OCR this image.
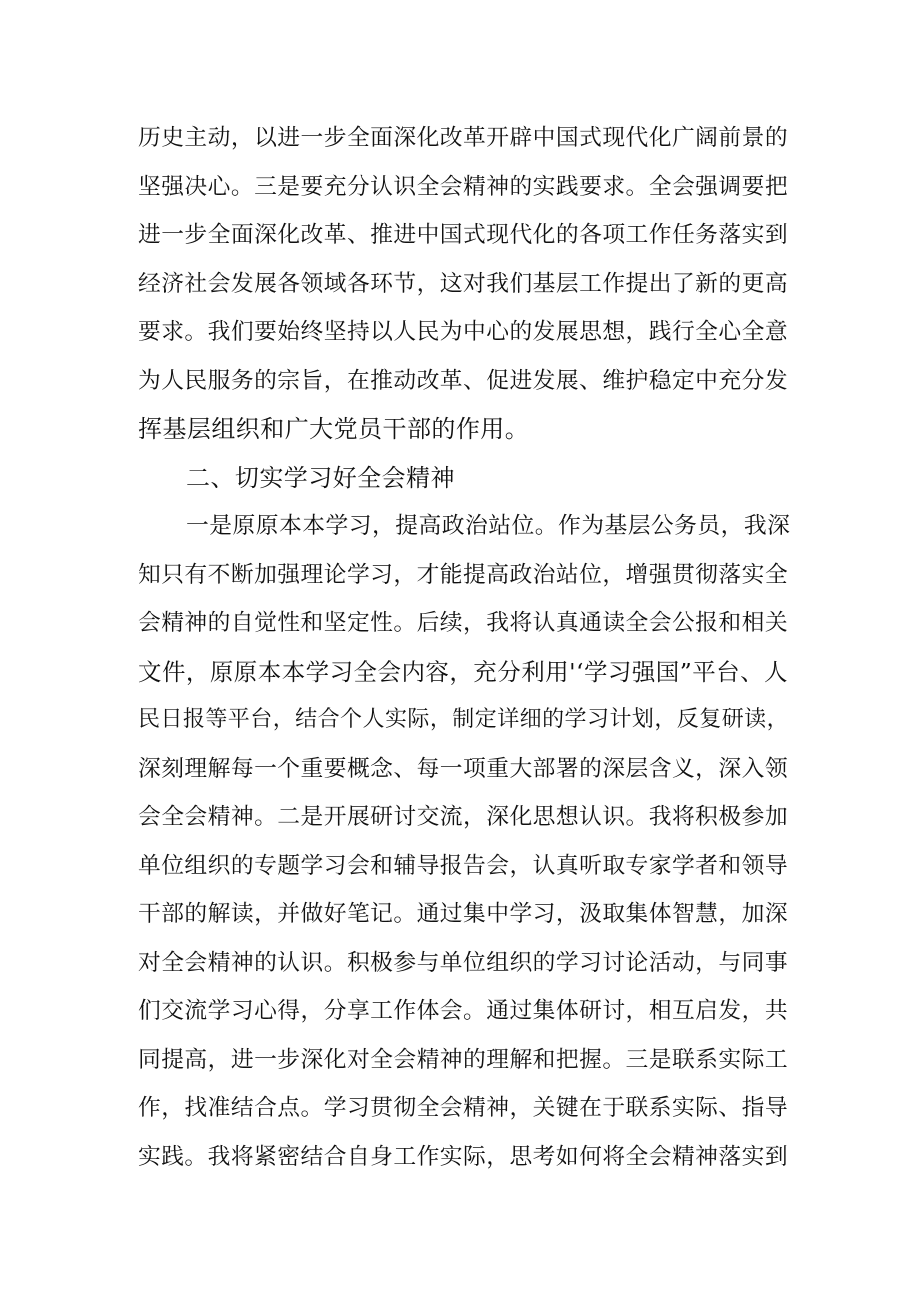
历史主动，以进一步全面深化改革开辟中国式现代化广阔前景的
坚强决心。三是要充分认识全会精神的实践要求。全会强调要把
进一步全面深化改革、推进中国式现代化的各项工作任务落实到
经济社会发展各领域各环节，这对我们基层工作提出了新的更高
要求。我们要始终坚持以人民为中心的发展思想，践行全心全意
为人民服务的宗旨，在推动改革、促进发展、维护稳定中充分发
挥基层组织和广大党员干部的作用。
二、切实学习好全会精神
一是原原本本学习，提高政治站位。作为基层公务员，我深
知只有不断加强理论学习，才能提高政治站位，增强贯彻落实全
会精神的自觉性和坚定性。后续，我将认真通读全会公报和相关
文件，原原本本学习全会内容，充分利用'‘学习强国”平台、人
民日报等平台，结合个人实际，制定详细的学习计划，反复研读，
深刻理解每一个重要概念、每一项重大部署的深层含义，深入领
会全会精神。二是开展研讨交流，深化思想认识。我将积极参加
单位组织的专题学习会和辅导报告会，认真听取专家学者和领导
干部的解读，并做好笔记。通过集中学习，汲取集体智慧，加深
对全会精神的认识。积极参与单位组织的学习讨论活动，与同事
们交流学习心得，分享工作体会。通过集体研讨，相互启发，共
同提高，进一步深化对全会精神的理解和把握。三是联系实际工
作，找准结合点。学习贯彻全会精神，关键在于联系实际、指导
实践。我将紧密结合自身工作实际，思考如何将全会精神落实到
